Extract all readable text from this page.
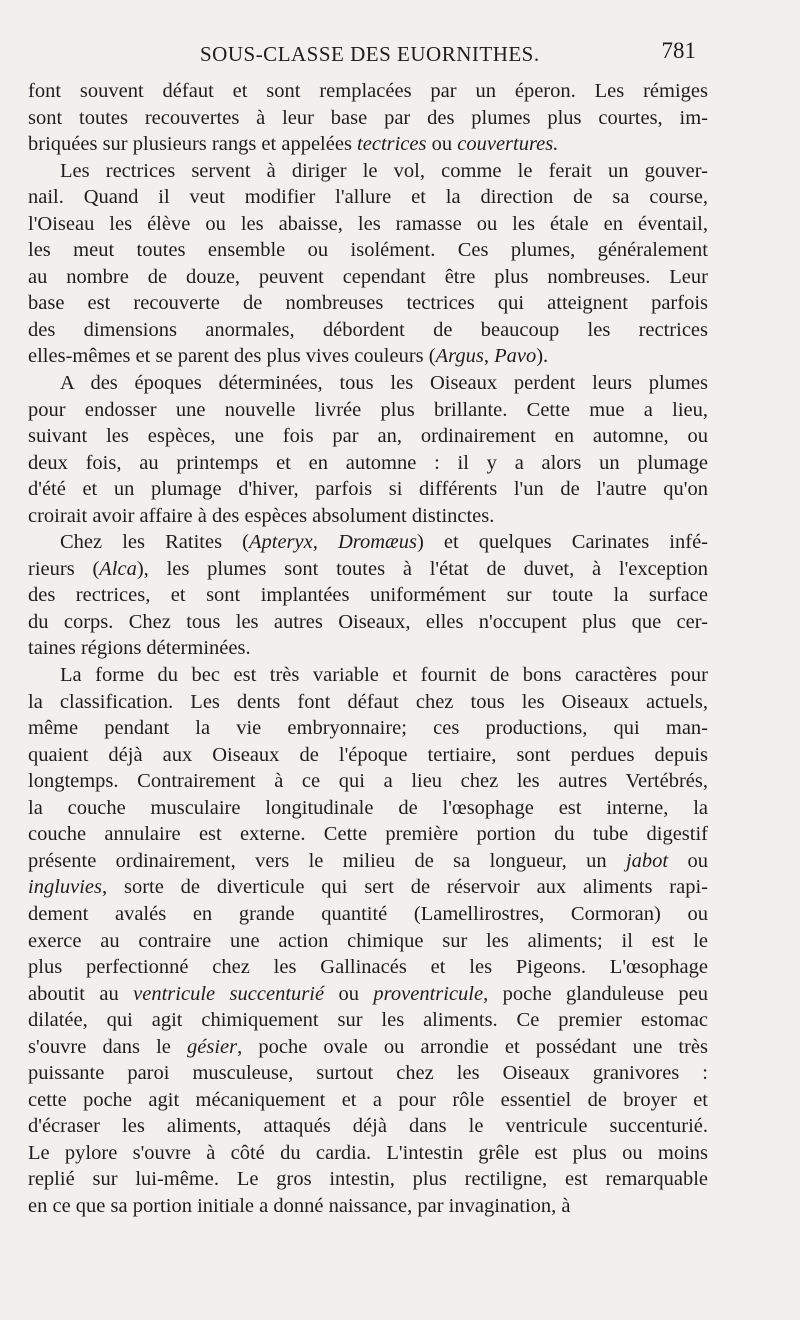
SOUS-CLASSE DES EUORNITHES.	781
font souvent défaut et sont remplacées par un éperon. Les rémiges
sont toutes recouvertes à leur base par des plumes plus courtes, im-
briquées sur plusieurs rangs et appelées tectrices ou couvertures.
Les rectrices servent à diriger le vol, comme le ferait un gouver-
nail. Quand il veut modifier l'allure et la direction de sa course,
l'Oiseau les élève ou les abaisse, les ramasse ou les étale en éventail,
les meut toutes ensemble ou isolément. Ces plumes, généralement
au nombre de douze, peuvent cependant être plus nombreuses. Leur
base est recouverte de nombreuses tectrices qui atteignent parfois
des dimensions anormales, débordent de beaucoup les rectrices
elles-mêmes et se parent des plus vives couleurs (Argus, Pavo).
A des époques déterminées, tous les Oiseaux perdent leurs plumes
pour endosser une nouvelle livrée plus brillante. Cette mue a lieu,
suivant les espèces, une fois par an, ordinairement en automne, ou
deux fois, au printemps et en automne : il y a alors un plumage
d'été et un plumage d'hiver, parfois si différents l'un de l'autre qu'on
croirait avoir affaire à des espèces absolument distinctes.
Chez les Ratites (Apteryx, Dromæus) et quelques Carinates infé-
rieurs (Alca), les plumes sont toutes à l'état de duvet, à l'exception
des rectrices, et sont implantées uniformément sur toute la surface
du corps. Chez tous les autres Oiseaux, elles n'occupent plus que cer-
taines régions déterminées.
La forme du bec est très variable et fournit de bons caractères pour
la classification. Les dents font défaut chez tous les Oiseaux actuels,
même pendant la vie embryonnaire; ces productions, qui man-
quaient déjà aux Oiseaux de l'époque tertiaire, sont perdues depuis
longtemps. Contrairement à ce qui a lieu chez les autres Vertébrés,
la couche musculaire longitudinale de l'œsophage est interne, la
couche annulaire est externe. Cette première portion du tube digestif
présente ordinairement, vers le milieu de sa longueur, un jabot ou
ingluvies, sorte de diverticule qui sert de réservoir aux aliments rapi-
dement avalés en grande quantité (Lamellirostres, Cormoran) ou
exerce au contraire une action chimique sur les aliments; il est le
plus perfectionné chez les Gallinacés et les Pigeons. L'œsophage
aboutit au ventricule succenturié ou proventricule, poche glanduleuse peu
dilatée, qui agit chimiquement sur les aliments. Ce premier estomac
s'ouvre dans le gésier, poche ovale ou arrondie et possédant une très
puissante paroi musculeuse, surtout chez les Oiseaux granivores :
cette poche agit mécaniquement et a pour rôle essentiel de broyer et
d'écraser les aliments, attaqués déjà dans le ventricule succenturié.
Le pylore s'ouvre à côté du cardia. L'intestin grêle est plus ou moins
replié sur lui-même. Le gros intestin, plus rectiligne, est remarquable
en ce que sa portion initiale a donné naissance, par invagination, à
